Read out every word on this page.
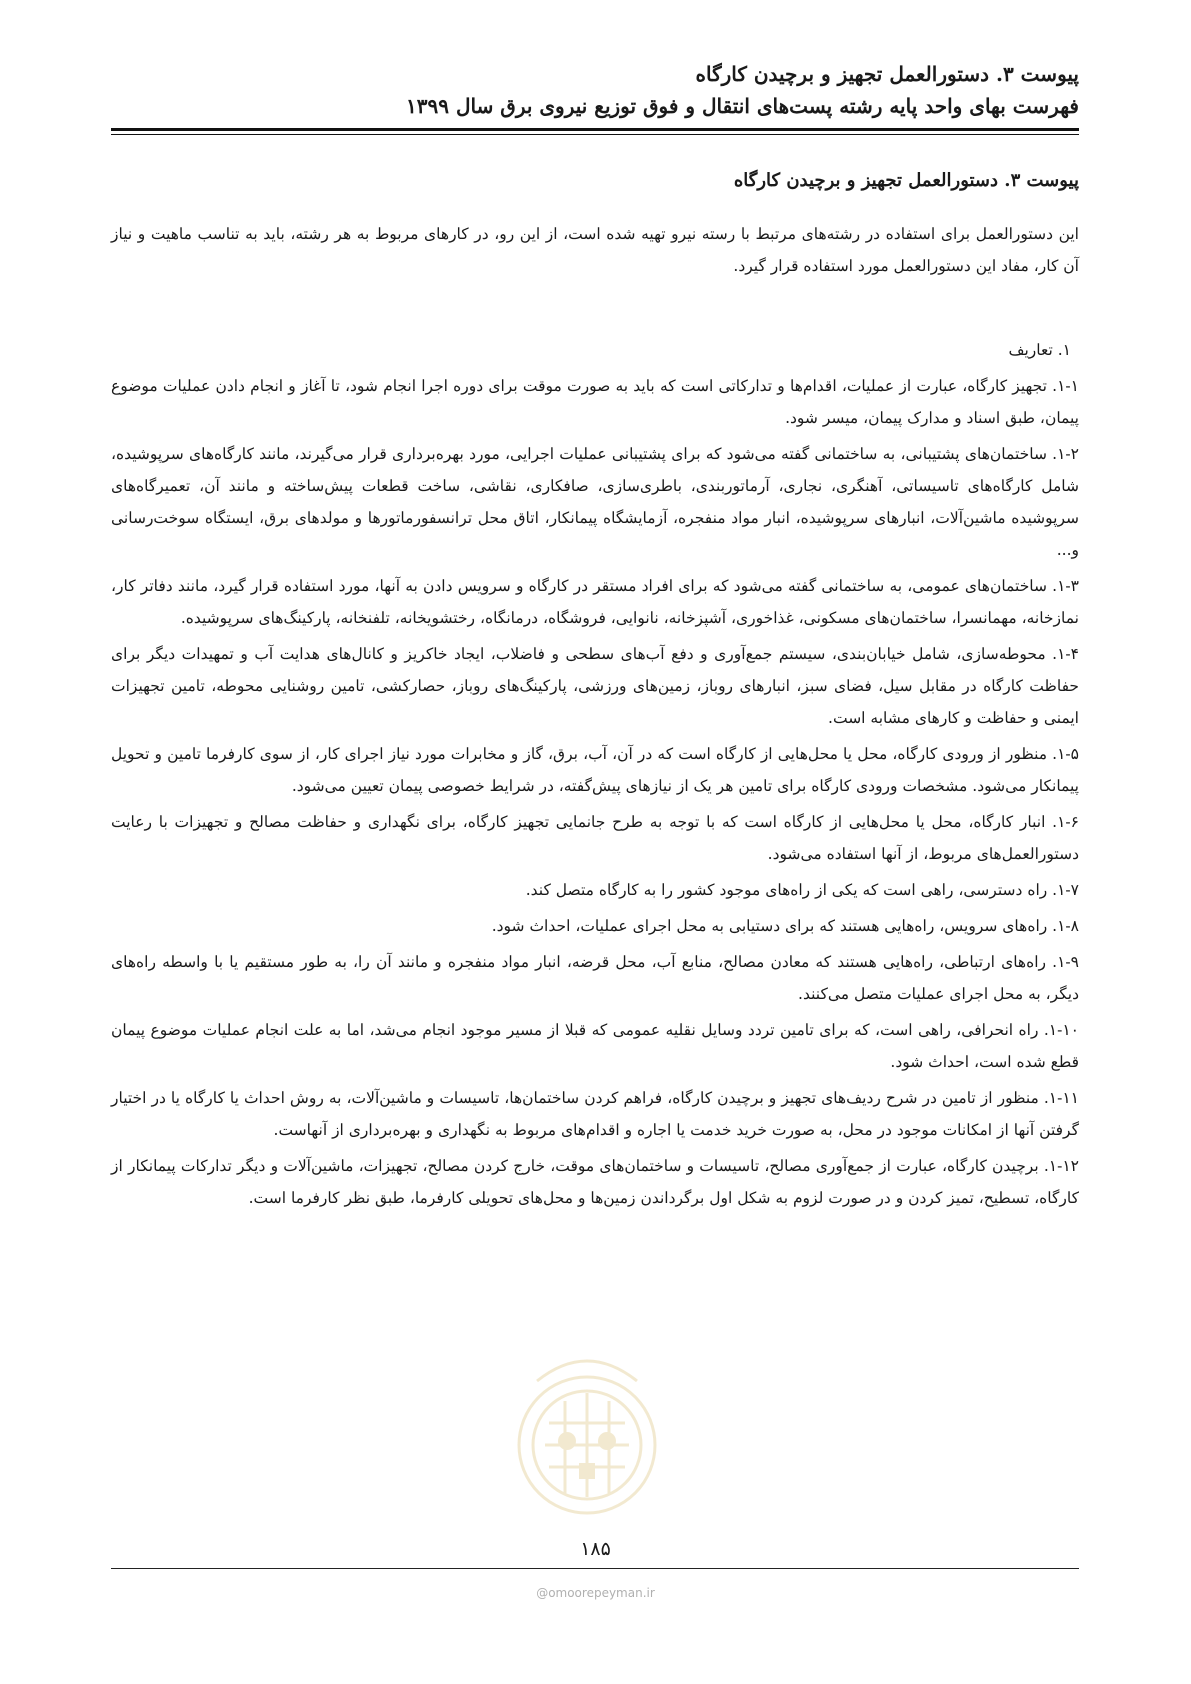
پیوست ۳. دستورالعمل تجهیز و برچیدن کارگاه
فهرست بهای واحد پایه رشته پست‌های انتقال و فوق توزیع نیروی برق سال ۱۳۹۹
پیوست ۳. دستورالعمل تجهیز و برچیدن کارگاه

این دستورالعمل برای استفاده در رشته‌های مرتبط با رسته نیرو تهیه شده است، از این رو، در کارهای مربوط به هر رشته، باید به تناسب ماهیت و نیاز آن کار، مفاد این دستورالعمل مورد استفاده قرار گیرد.

۱. تعاریف

۱-۱. تجهیز کارگاه، عبارت از عملیات، اقدام‌ها و تدارکاتی است که باید به صورت موقت برای دوره اجرا انجام شود، تا آغاز و انجام دادن عملیات موضوع پیمان، طبق اسناد و مدارک پیمان، میسر شود.

۱-۲. ساختمان‌های پشتیبانی، به ساختمانی گفته می‌شود که برای پشتیبانی عملیات اجرایی، مورد بهره‌برداری قرار می‌گیرند، مانند کارگاه‌های سرپوشیده، شامل کارگاه‌های تاسیساتی، آهنگری، نجاری، آرماتوربندی، باطری‌سازی، صافکاری، نقاشی، ساخت قطعات پیش‌ساخته و مانند آن، تعمیرگاه‌های سرپوشیده ماشین‌آلات، انبارهای سرپوشیده، انبار مواد منفجره، آزمایشگاه پیمانکار، اتاق محل ترانسفورماتورها و مولدهای برق، ایستگاه سوخت‌رسانی و...

۱-۳. ساختمان‌های عمومی، به ساختمانی گفته می‌شود که برای افراد مستقر در کارگاه و سرویس دادن به آنها، مورد استفاده قرار گیرد، مانند دفاتر کار، نمازخانه، مهمانسرا، ساختمان‌های مسکونی، غذاخوری، آشپزخانه، نانوایی، فروشگاه، درمانگاه، رختشویخانه، تلفنخانه، پارکینگ‌های سرپوشیده.

۱-۴. محوطه‌سازی، شامل خیابان‌بندی، سیستم جمع‌آوری و دفع آب‌های سطحی و فاضلاب، ایجاد خاکریز و کانال‌های هدایت آب و تمهیدات دیگر برای حفاظت کارگاه در مقابل سیل، فضای سبز، انبارهای روباز، زمین‌های ورزشی، پارکینگ‌های روباز، حصارکشی، تامین روشنایی محوطه، تامین تجهیزات ایمنی و حفاظت و کارهای مشابه است.

۱-۵. منظور از ورودی کارگاه، محل یا محل‌هایی از کارگاه است که در آن، آب، برق، گاز و مخابرات مورد نیاز اجرای کار، از سوی کارفرما تامین و تحویل پیمانکار می‌شود. مشخصات ورودی کارگاه برای تامین هر یک از نیازهای پیش‌گفته، در شرایط خصوصی پیمان تعیین می‌شود.

۱-۶. انبار کارگاه، محل یا محل‌هایی از کارگاه است که با توجه به طرح جانمایی تجهیز کارگاه، برای نگهداری و حفاظت مصالح و تجهیزات با رعایت دستورالعمل‌های مربوط، از آنها استفاده می‌شود.

۱-۷. راه دسترسی، راهی است که یکی از راه‌های موجود کشور را به کارگاه متصل کند.

۱-۸. راه‌های سرویس، راه‌هایی هستند که برای دستیابی به محل اجرای عملیات، احداث شود.

۱-۹. راه‌های ارتباطی، راه‌هایی هستند که معادن مصالح، منابع آب، محل قرضه، انبار مواد منفجره و مانند آن را، به طور مستقیم یا با واسطه راه‌های دیگر، به محل اجرای عملیات متصل می‌کنند.

۱-۱۰. راه انحرافی، راهی است، که برای تامین تردد وسایل نقلیه عمومی که قبلا از مسیر موجود انجام می‌شد، اما به علت انجام عملیات موضوع پیمان قطع شده است، احداث شود.

۱-۱۱. منظور از تامین در شرح ردیف‌های تجهیز و برچیدن کارگاه، فراهم کردن ساختمان‌ها، تاسیسات و ماشین‌آلات، به روش احداث یا کارگاه یا در اختیار گرفتن آنها از امکانات موجود در محل، به صورت خرید خدمت یا اجاره و اقدام‌های مربوط به نگهداری و بهره‌برداری از آنهاست.

۱-۱۲. برچیدن کارگاه، عبارت از جمع‌آوری مصالح، تاسیسات و ساختمان‌های موقت، خارج کردن مصالح، تجهیزات، ماشین‌آلات و دیگر تدارکات پیمانکار از کارگاه، تسطیح، تمیز کردن و در صورت لزوم به شکل اول برگرداندن زمین‌ها و محل‌های تحویلی کارفرما، طبق نظر کارفرما است.

۱۸۵
@omoorepeyman.ir
